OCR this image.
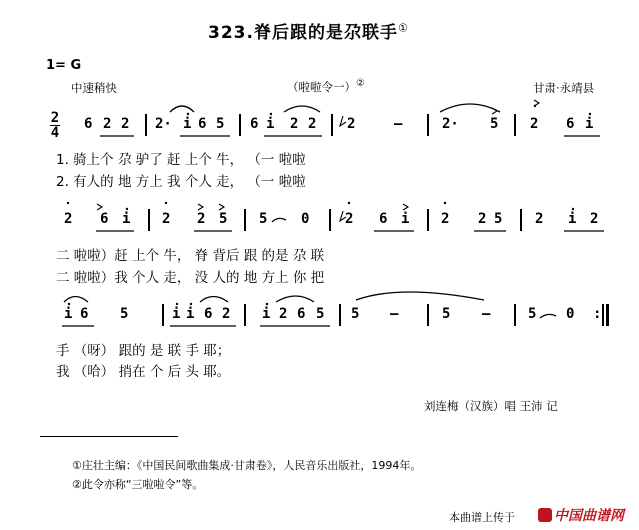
323.脊后跟的是尕联手①
1= G
中速稍快	（啦啦令一）②	甘肃·永靖县
2
4
6 2 2 2· i 6 5 6 i 2 2 2	—	2· 5 2 6 i
1. 骑上个 尕 驴了 赶 上个 牛， （一 啦啦
2. 有人的 地 方上 我 个人 走， （一 啦啦
2 6 i 2 2 5 5 0	2 6 i 2 2 5 2 i 2
二 啦啦）赶 上个 牛， 脊 背后 跟 的是 尕 联
二 啦啦）我 个人 走， 没 人的 地 方上 你 把
i 6 5	i i 6 2 i 2 6 5 5 —	5 —	5 0 :
手 （呀） 跟的 是 联 手 耶；
我 （哈） 捎在 个 后 头 耶。
刘连梅（汉族）唱 王沛 记
①庄壮主编：《中国民间歌曲集成·甘肃卷》，人民音乐出版社，1994年。
②此令亦称“三啦啦令”等。
本曲谱上传于	中国曲谱网
